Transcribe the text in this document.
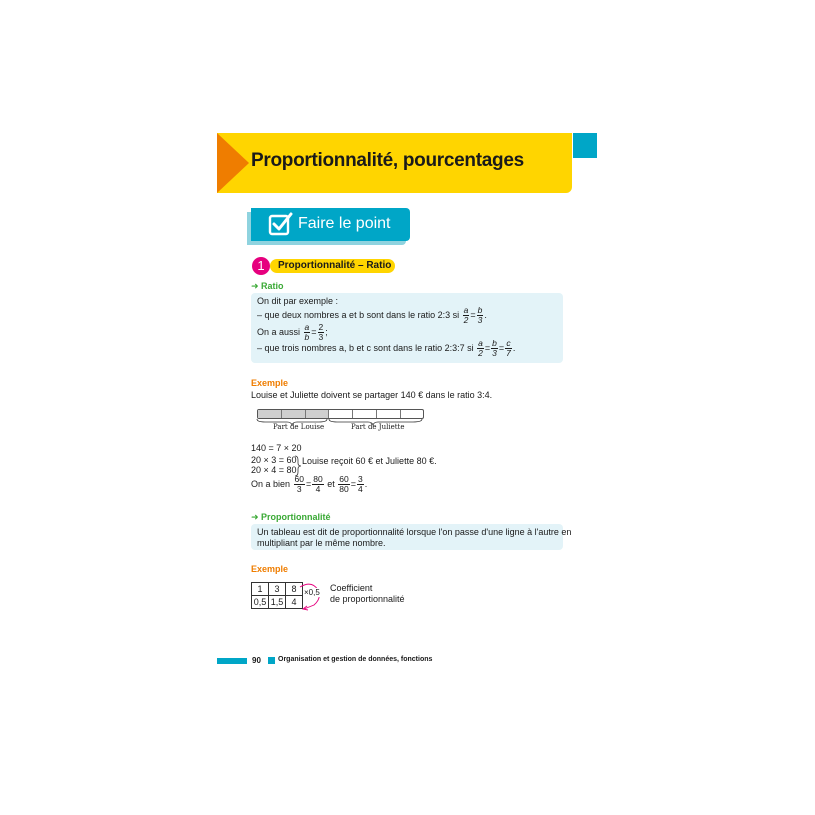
Proportionnalité, pourcentages
Faire le point
1	Proportionnalité – Ratio
➜ Ratio
On dit par exemple :
– que deux nombres a et b sont dans le ratio 2:3 si $\frac{a}{2} = \frac{b}{3}$ .
On a aussi $\frac{a}{b} = \frac{2}{3}$ ;
– que trois nombres a, b et c sont dans le ratio 2:3:7 si $\frac{a}{2} = \frac{b}{3} = \frac{c}{7}$ .
Exemple
Louise et Juliette doivent se partager 140 € dans le ratio 3:4.
Part de Louise	Part de Juliette
140 = 7 × 20
20 × 3 = 60
20 × 4 = 80
Louise reçoit 60 € et Juliette 80 €.
On a bien $\frac{60}{3} = \frac{80}{4}$ et $\frac{60}{80} = \frac{3}{4}$ .
➜ Proportionnalité
Un tableau est dit de proportionnalité lorsque l'on passe d'une ligne à l'autre en
multipliant par le même nombre.
Exemple
1	3	8
0,5	1,5	4
×0,5 Coefficient
de proportionnalité
90 Organisation et gestion de données, fonctions
